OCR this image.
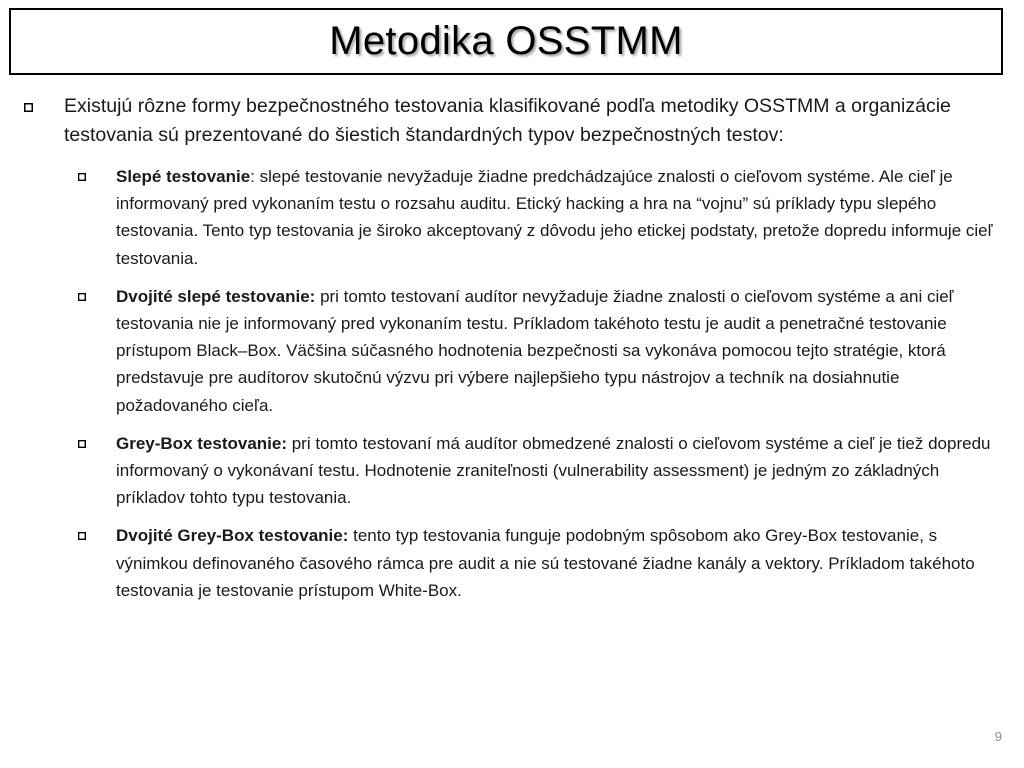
Metodika OSSTMM
Existujú rôzne formy bezpečnostného testovania klasifikované podľa metodiky OSSTMM a organizácie testovania sú prezentované do šiestich štandardných typov bezpečnostných testov:
Slepé testovanie: slepé testovanie nevyžaduje žiadne predchádzajúce znalosti o cieľovom systéme. Ale cieľ je informovaný pred vykonaním testu o rozsahu auditu. Etický hacking a hra na “vojnu” sú príklady typu slepého testovania. Tento typ testovania je široko akceptovaný z dôvodu jeho etickej podstaty, pretože dopredu informuje cieľ testovania.
Dvojité slepé testovanie: pri tomto testovaní audítor nevyžaduje žiadne znalosti o cieľovom systéme a ani cieľ testovania nie je informovaný pred vykonaním testu. Príkladom takéhoto testu je audit a penetračné testovanie prístupom Black–Box. Väčšina súčasného hodnotenia bezpečnosti sa vykonáva pomocou tejto stratégie, ktorá predstavuje pre audítorov skutočnú výzvu pri výbere najlepšieho typu nástrojov a techník na dosiahnutie požadovaného cieľa.
Grey-Box testovanie: pri tomto testovaní má audítor obmedzené znalosti o cieľovom systéme a cieľ je tiež dopredu informovaný o vykonávaní testu. Hodnotenie zraniteľnosti (vulnerability assessment) je jedným zo základných príkladov tohto typu testovania.
Dvojité Grey-Box testovanie: tento typ testovania funguje podobným spôsobom ako Grey-Box testovanie, s výnimkou definovaného časového rámca pre audit a nie sú testované žiadne kanály a vektory. Príkladom takéhoto testovania je testovanie prístupom White-Box.
9
